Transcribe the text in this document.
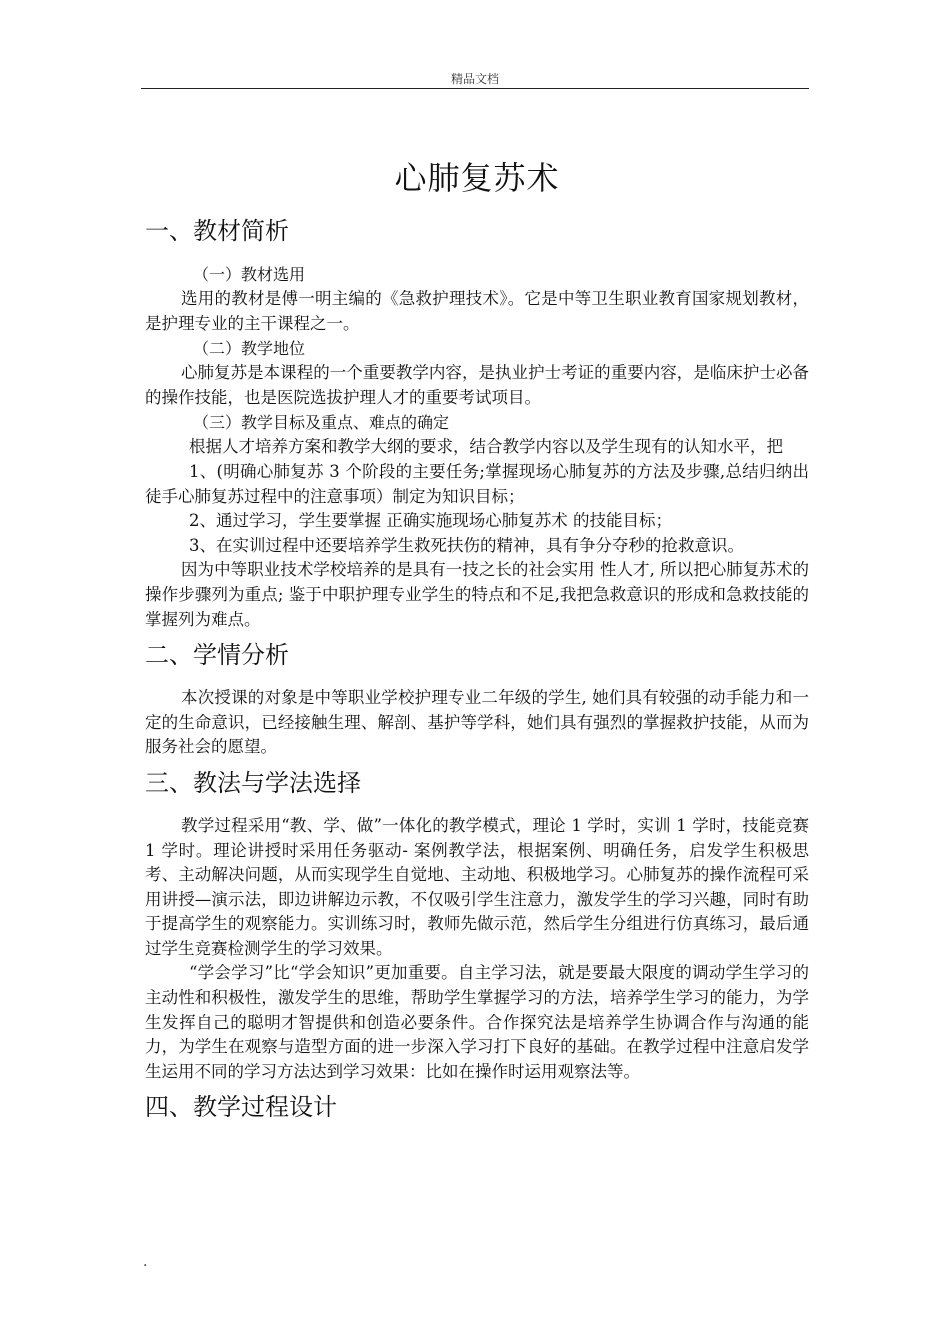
精品文档
心肺复苏术
一、教材简析

（一）教材选用

选用的教材是傅一明主编的《急救护理技术》。它是中等卫生职业教育国家规划教材，是护理专业的主干课程之一。

（二）教学地位

心肺复苏是本课程的一个重要教学内容，是执业护士考证的重要内容，是临床护士必备的操作技能，也是医院选拔护理人才的重要考试项目。

（三）教学目标及重点、难点的确定

根据人才培养方案和教学大纲的要求，结合教学内容以及学生现有的认知水平，把

1、(明确心肺复苏 3 个阶段的主要任务;掌握现场心肺复苏的方法及步骤,总结归纳出徒手心肺复苏过程中的注意事项）制定为知识目标；

2、通过学习，学生要掌握 正确实施现场心肺复苏术 的技能目标；

3、在实训过程中还要培养学生救死扶伤的精神，具有争分夺秒的抢救意识。

因为中等职业技术学校培养的是具有一技之长的社会实用 性人才, 所以把心肺复苏术的操作步骤列为重点; 鉴于中职护理专业学生的特点和不足,我把急救意识的形成和急救技能的掌握列为难点。

二、学情分析

本次授课的对象是中等职业学校护理专业二年级的学生, 她们具有较强的动手能力和一定的生命意识，已经接触生理、解剖、基护等学科，她们具有强烈的掌握救护技能，从而为服务社会的愿望。

三、教法与学法选择

教学过程采用“教、学、做”一体化的教学模式，理论 1 学时，实训 1 学时，技能竞赛 1 学时。理论讲授时采用任务驱动- 案例教学法，根据案例、明确任务，启发学生积极思考、主动解决问题，从而实现学生自觉地、主动地、积极地学习。心肺复苏的操作流程可采用讲授—演示法，即边讲解边示教，不仅吸引学生注意力，激发学生的学习兴趣，同时有助于提高学生的观察能力。实训练习时，教师先做示范，然后学生分组进行仿真练习，最后通过学生竞赛检测学生的学习效果。

“学会学习”比“学会知识”更加重要。自主学习法，就是要最大限度的调动学生学习的主动性和积极性，激发学生的思维，帮助学生掌握学习的方法，培养学生学习的能力，为学生发挥自己的聪明才智提供和创造必要条件。合作探究法是培养学生协调合作与沟通的能力，为学生在观察与造型方面的进一步深入学习打下良好的基础。在教学过程中注意启发学生运用不同的学习方法达到学习效果：比如在操作时运用观察法等。

四、教学过程设计
.
